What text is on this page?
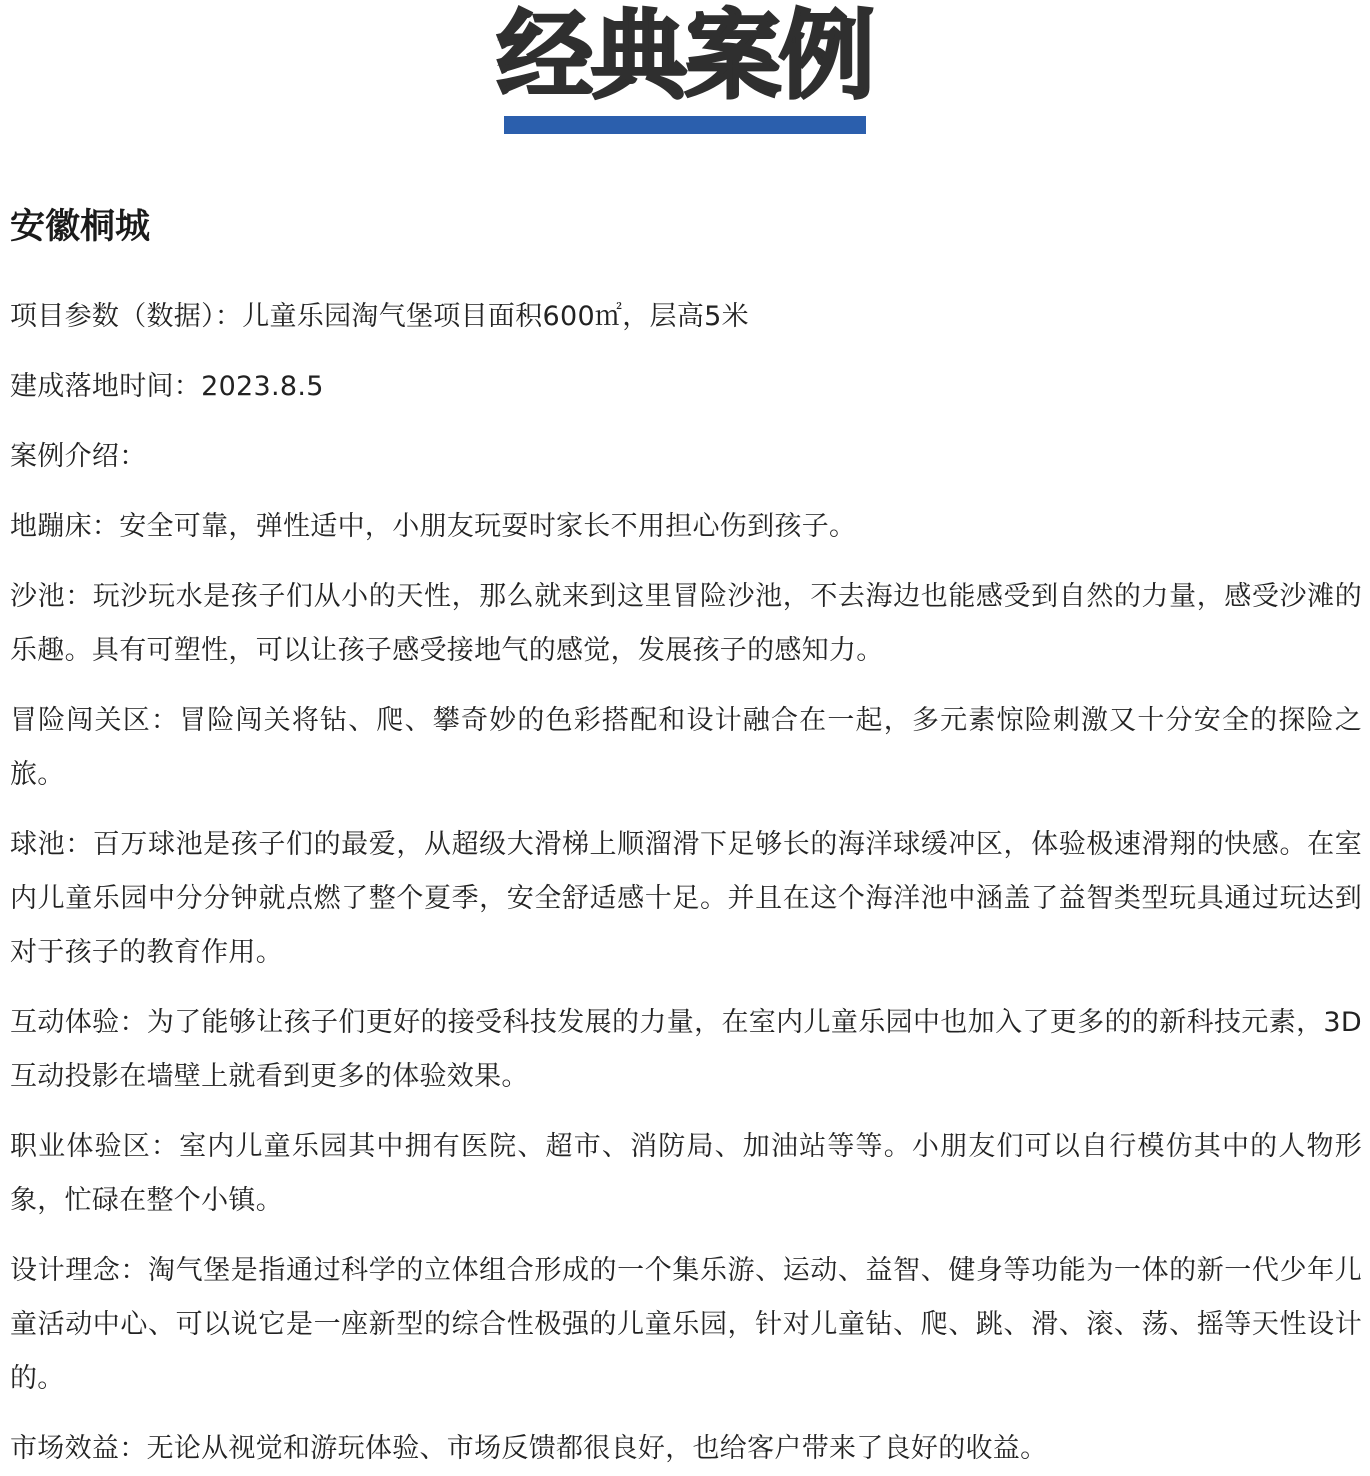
经典案例
安徽桐城

项目参数（数据）：儿童乐园淘气堡项目面积600㎡，层高5米

建成落地时间：2023.8.5

案例介绍：

地蹦床：安全可靠，弹性适中，小朋友玩耍时家长不用担心伤到孩子。

沙池：玩沙玩水是孩子们从小的天性，那么就来到这里冒险沙池，不去海边也能感受到自然的力量，感受沙滩的乐趣。具有可塑性，可以让孩子感受接地气的感觉，发展孩子的感知力。

冒险闯关区：冒险闯关将钻、爬、攀奇妙的色彩搭配和设计融合在一起，多元素惊险刺激又十分安全的探险之旅。

球池：百万球池是孩子们的最爱，从超级大滑梯上顺溜滑下足够长的海洋球缓冲区，体验极速滑翔的快感。在室内儿童乐园中分分钟就点燃了整个夏季，安全舒适感十足。并且在这个海洋池中涵盖了益智类型玩具通过玩达到对于孩子的教育作用。

互动体验：为了能够让孩子们更好的接受科技发展的力量，在室内儿童乐园中也加入了更多的的新科技元素，3D互动投影在墙壁上就看到更多的体验效果。

职业体验区：室内儿童乐园其中拥有医院、超市、消防局、加油站等等。小朋友们可以自行模仿其中的人物形象，忙碌在整个小镇。

设计理念：淘气堡是指通过科学的立体组合形成的一个集乐游、运动、益智、健身等功能为一体的新一代少年儿童活动中心、可以说它是一座新型的综合性极强的儿童乐园，针对儿童钻、爬、跳、滑、滚、荡、摇等天性设计的。

市场效益：无论从视觉和游玩体验、市场反馈都很良好，也给客户带来了良好的收益。
